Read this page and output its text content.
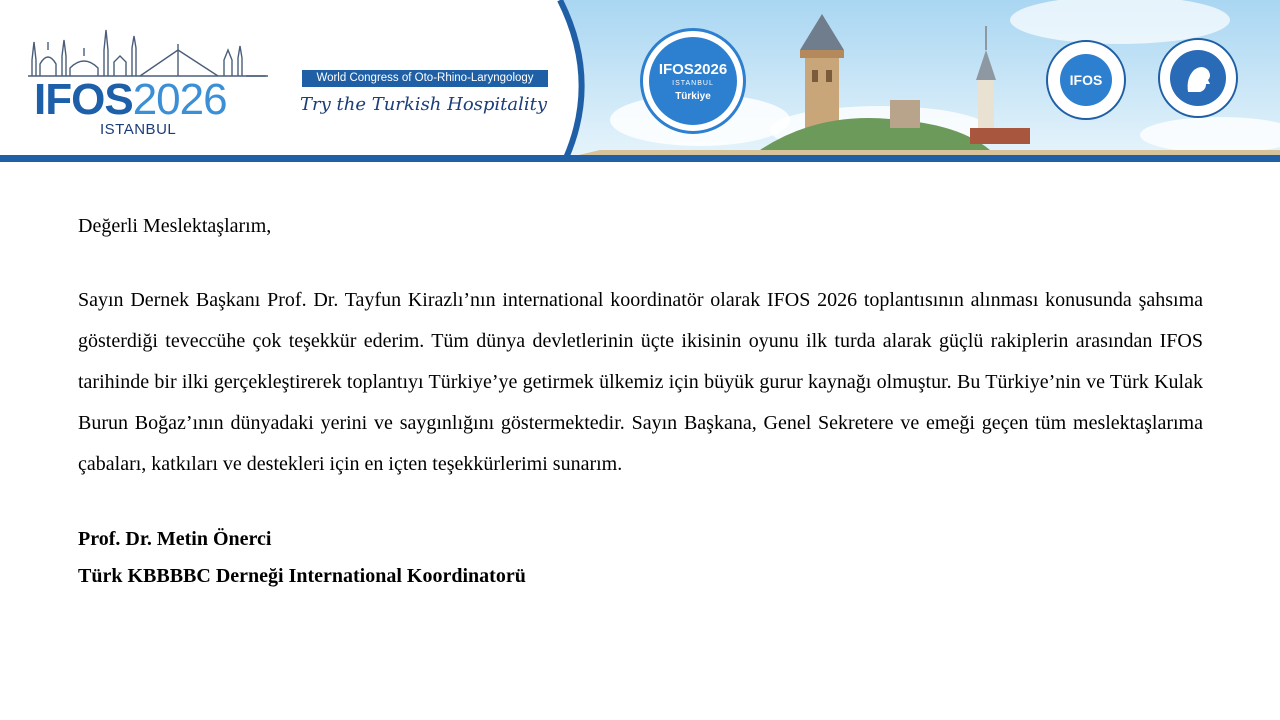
IFOS2026
ISTANBUL
World Congress of Oto-Rhino-Laryngology
Try the Turkish Hospitality
IFOS2026
ISTANBUL
Türkiye
IFOS

Değerli Meslektaşlarım,

Sayın Dernek Başkanı Prof. Dr. Tayfun Kirazlı’nın international koordinatör olarak IFOS 2026 toplantısının alınması konusunda şahsıma gösterdiği teveccühe çok teşekkür ederim. Tüm dünya devletlerinin üçte ikisinin oyunu ilk turda alarak güçlü rakiplerin arasından IFOS tarihinde bir ilki gerçekleştirerek toplantıyı Türkiye’ye getirmek ülkemiz için büyük gurur kaynağı olmuştur. Bu Türkiye’nin ve Türk Kulak Burun Boğaz’ının dünyadaki yerini ve saygınlığını göstermektedir. Sayın Başkana, Genel Sekretere ve emeği geçen tüm meslektaşlarıma çabaları, katkıları ve destekleri için en içten teşekkürlerimi sunarım.

Prof. Dr. Metin Önerci
Türk KBBBBC Derneği International Koordinatorü
